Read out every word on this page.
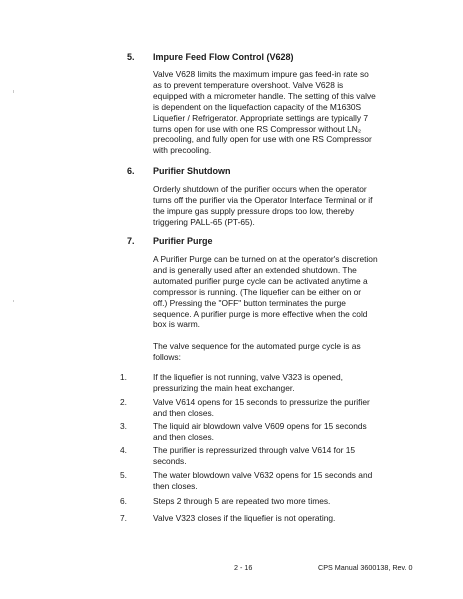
5. Impure Feed Flow Control (V628)
Valve V628 limits the maximum impure gas feed-in rate so
as to prevent temperature overshoot. Valve V628 is
equipped with a micrometer handle. The setting of this valve
is dependent on the liquefaction capacity of the M1630S
Liquefier / Refrigerator. Appropriate settings are typically 7
turns open for use with one RS Compressor without LN₂
precooling, and fully open for use with one RS Compressor
with precooling.
6. Purifier Shutdown
Orderly shutdown of the purifier occurs when the operator
turns off the purifier via the Operator Interface Terminal or if
the impure gas supply pressure drops too low, thereby
triggering PALL-65 (PT-65).
7. Purifier Purge
A Purifier Purge can be turned on at the operator's discretion
and is generally used after an extended shutdown. The
automated purifier purge cycle can be activated anytime a
compressor is running. (The liquefier can be either on or
off.) Pressing the "OFF" button terminates the purge
sequence. A purifier purge is more effective when the cold
box is warm.
The valve sequence for the automated purge cycle is as
follows:
1.	If the liquefier is not running, valve V323 is opened,
pressurizing the main heat exchanger.
2.	Valve V614 opens for 15 seconds to pressurize the purifier
and then closes.
3.	The liquid air blowdown valve V609 opens for 15 seconds
and then closes.
4.	The purifier is repressurized through valve V614 for 15
seconds.
5.	The water blowdown valve V632 opens for 15 seconds and
then closes.
6.	Steps 2 through 5 are repeated two more times.
7.	Valve V323 closes if the liquefier is not operating.
2 - 16	CPS Manual 3600138, Rev. 0
